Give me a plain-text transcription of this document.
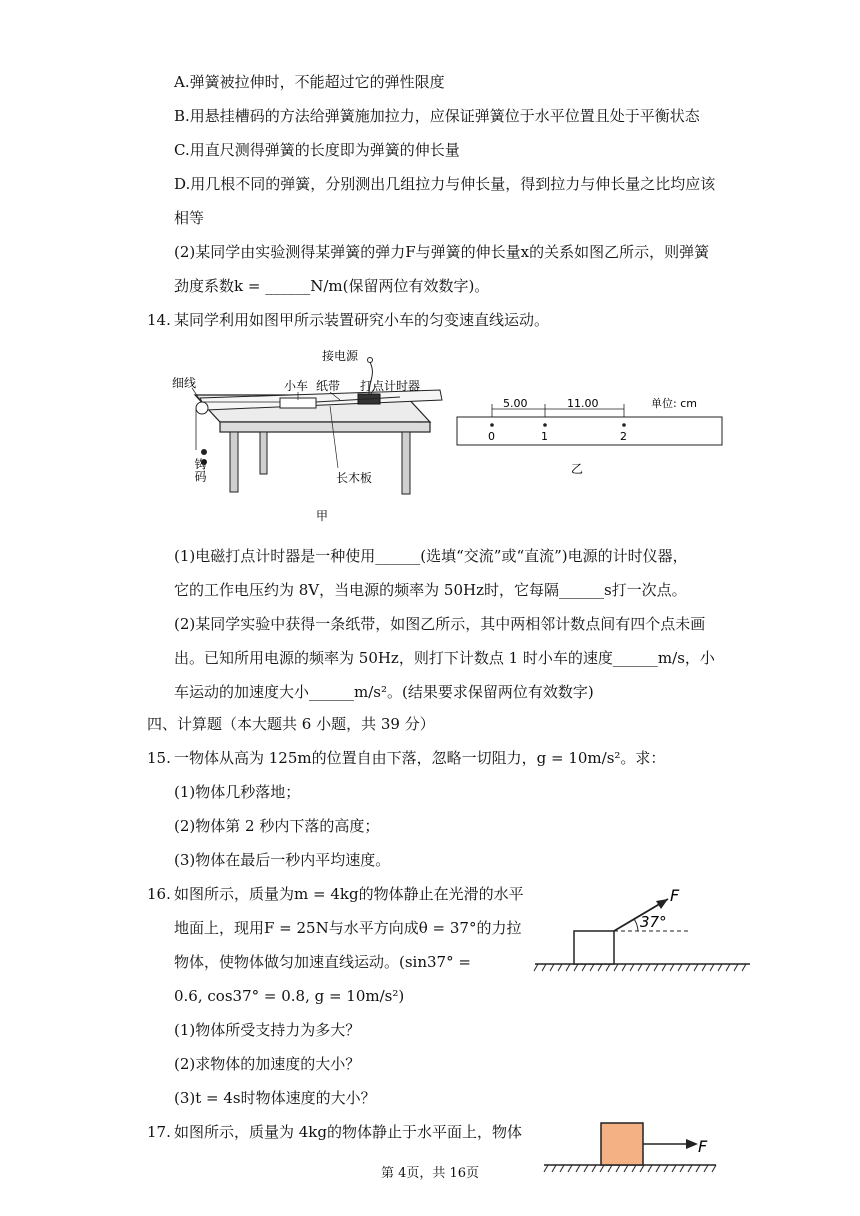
A.弹簧被拉伸时，不能超过它的弹性限度
B.用悬挂槽码的方法给弹簧施加拉力，应保证弹簧位于水平位置且处于平衡状态
C.用直尺测得弹簧的长度即为弹簧的伸长量
D.用几根不同的弹簧，分别测出几组拉力与伸长量，得到拉力与伸长量之比均应该
相等
(2)某同学由实验测得某弹簧的弹力F与弹簧的伸长量x的关系如图乙所示，则弹簧
劲度系数k = ______N/m(保留两位有效数字)。
14. 某同学利用如图甲所示装置研究小车的匀变速直线运动。
接电源
细线	小车 纸带 打点计时器
钩码	长木板
甲
5.00	11.00	单位: cm
0	1	2
乙
(1)电磁打点计时器是一种使用______(选填“交流”或“直流”)电源的计时仪器，
它的工作电压约为 8V，当电源的频率为 50Hz时，它每隔______s打一次点。
(2)某同学实验中获得一条纸带，如图乙所示，其中两相邻计数点间有四个点未画
出。已知所用电源的频率为 50Hz，则打下计数点 1 时小车的速度______m/s，小
车运动的加速度大小______m/s²。(结果要求保留两位有效数字)
四、计算题（本大题共 6 小题，共 39 分）
15. 一物体从高为 125m的位置自由下落，忽略一切阻力，g = 10m/s²。求：
(1)物体几秒落地；
(2)物体第 2 秒内下落的高度；
(3)物体在最后一秒内平均速度。
16. 如图所示，质量为m = 4kg的物体静止在光滑的水平
地面上，现用F = 25N与水平方向成θ = 37°的力拉
物体，使物体做匀加速直线运动。(sin37° =
0.6, cos37° = 0.8, g = 10m/s²)
(1)物体所受支持力为多大？
(2)求物体的加速度的大小？
(3)t = 4s时物体速度的大小？
F
37°
17. 如图所示，质量为 4kg的物体静止于水平面上，物体
F
第 4页，共 16页
